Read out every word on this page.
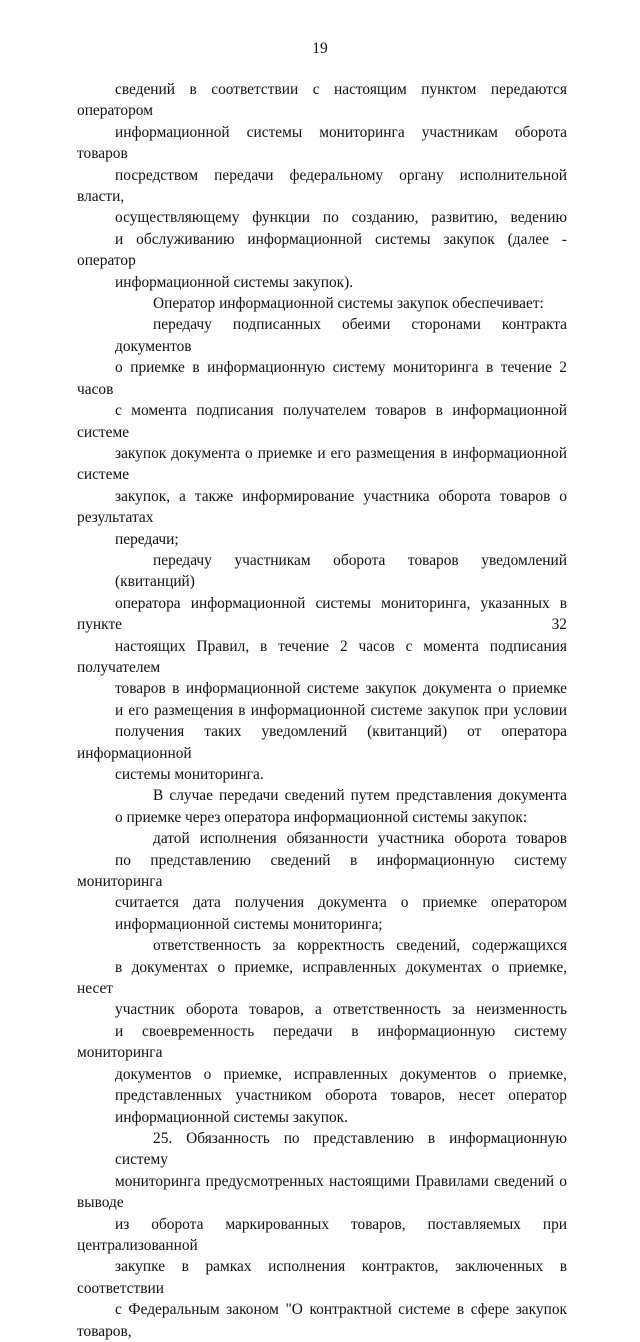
19
сведений в соответствии с настоящим пунктом передаются оператором
информационной системы мониторинга участникам оборота товаров
посредством передачи федеральному органу исполнительной власти,
осуществляющему функции по созданию, развитию, ведению
и обслуживанию информационной системы закупок (далее - оператор
информационной системы закупок).
Оператор информационной системы закупок обеспечивает:
передачу подписанных обеими сторонами контракта документов
о приемке в информационную систему мониторинга в течение 2 часов
с момента подписания получателем товаров в информационной системе
закупок документа о приемке и его размещения в информационной системе
закупок, а также информирование участника оборота товаров о результатах
передачи;
передачу участникам оборота товаров уведомлений (квитанций)
оператора информационной системы мониторинга, указанных в пункте 32
настоящих Правил, в течение 2 часов с момента подписания получателем
товаров в информационной системе закупок документа о приемке
и его размещения в информационной системе закупок при условии
получения таких уведомлений (квитанций) от оператора информационной
системы мониторинга.
В случае передачи сведений путем представления документа
о приемке через оператора информационной системы закупок:
датой исполнения обязанности участника оборота товаров
по представлению сведений в информационную систему мониторинга
считается дата получения документа о приемке оператором
информационной системы мониторинга;
ответственность за корректность сведений, содержащихся
в документах о приемке, исправленных документах о приемке, несет
участник оборота товаров, а ответственность за неизменность
и своевременность передачи в информационную систему мониторинга
документов о приемке, исправленных документов о приемке,
представленных участником оборота товаров, несет оператор
информационной системы закупок.
25. Обязанность по представлению в информационную систему
мониторинга предусмотренных настоящими Правилами сведений о выводе
из оборота маркированных товаров, поставляемых при централизованной
закупке в рамках исполнения контрактов, заключенных в соответствии
с Федеральным законом "О контрактной системе в сфере закупок товаров,
